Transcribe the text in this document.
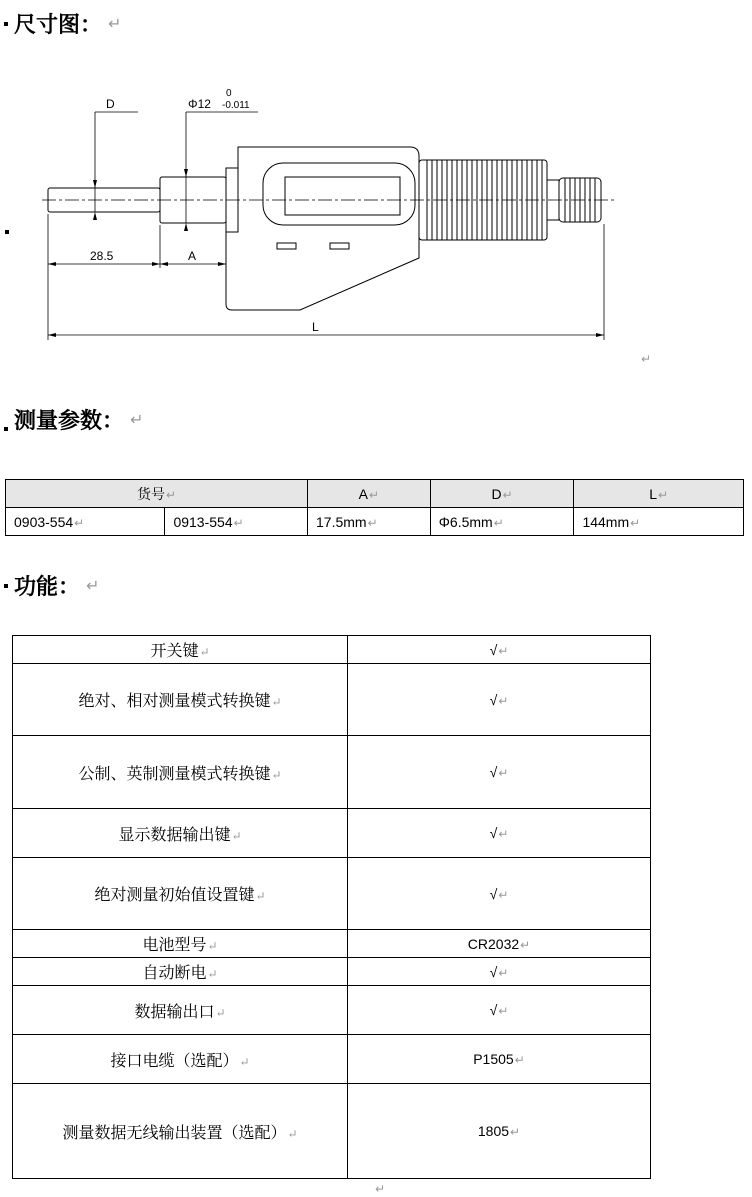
尺寸图： ↵
D	Φ12
0
-0.011
28.5	A
L
↵
测量参数： ↵
货号↵		A↵	D↵	L↵
0903-554↵	0913-554↵	17.5mm↵	Φ6.5mm↵	144mm↵
功能： ↵
开关键↵	√↵
绝对、相对测量模式转换键↵	√↵
公制、英制测量模式转换键↵	√↵
显示数据输出键↵	√↵
绝对测量初始值设置键↵	√↵
电池型号↵	CR2032↵
自动断电↵	√↵
数据输出口↵	√↵
接口电缆（选配）↵	P1505↵
测量数据无线输出装置（选配）↵	1805↵
↵
